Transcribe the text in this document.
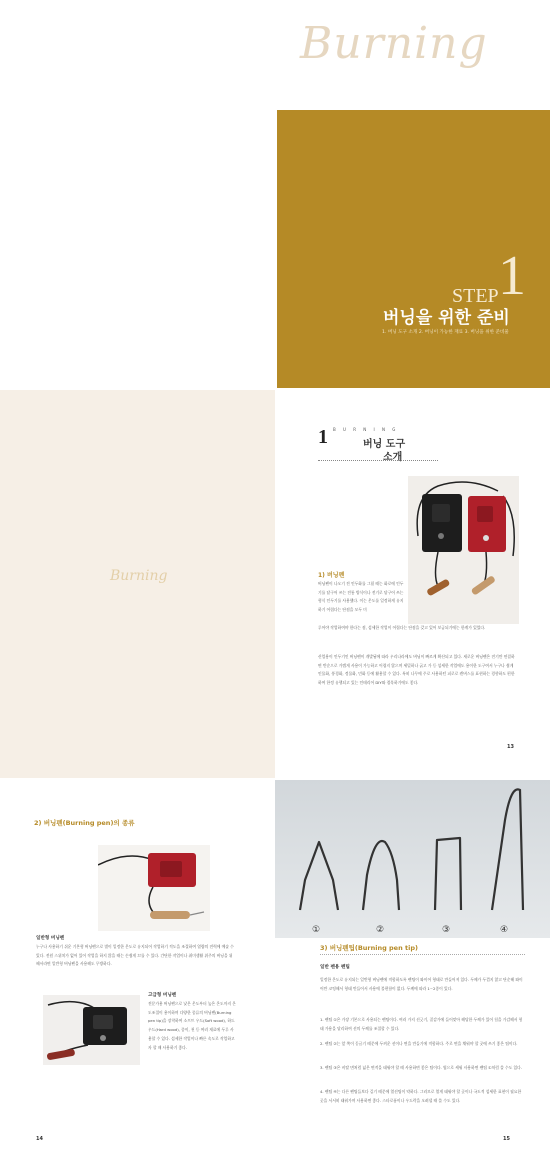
Burning
STEP 1
버닝을 위한 준비
1. 버닝 도구 소개 2. 버닝이 가능한 재료 3. 버닝을 위한 준비물
Burning
1 B U R N I N G
버닝 도구
소개
1) 버닝펜
버닝펜이 나오기 전 인두화를 그릴 때는 화로에 인두기를 달구어 쓰는 전통 방식이나 전기로 달구어 쓰는 형식 인두기를 사용했다. 이는 온도를 일정하게 유지하기 어렵다는 단점을 모두 미
루어야 작업하여야 한다는 점, 섬세한 작업이 어렵다는 단점을 갖고 있어 보급되기에는 한계가 있었다.
산업용이 인두기인 버닝펜이 개발됨에 따라 우리나라에도 버닝이 빠르게 확산되고 있다. 새로운 버닝펜은 전기만 연결하면 반순으로 가볍게 사용이 가능하고 어렵지 않으며 세밀하나 굵고 가 등 섬세한 작업에도 용이한 도구여서 누구나 쉽게 인물화, 풍경화, 정물화, 민화 등에 활용할 수 있다. 특히 나무에 주로 사용하던 피로로 캔버스를 표현하는 경향하도 편한하여 한정 유행되고 있는 인테리어 DIY와 접목하기에도 좋다.
13
2) 버닝펜(Burning pen)의 종류
일반형 버닝펜
누구나 사용하기 쉬운 기본형 버닝펜으로 별이 일정한 온도로 유지되어 작업하기 적도을 조절하여 열량의 전력에 예술 수 있다. 전원 스위치가 없어 있어 작업을 하지 않을 때는 손쉽게 끄를 수 있다. 간단한 작업이나 취미생활 위주의 버닝을 위해서라면 일반형 버닝펜을 사용해도 무방하다.
고급형 버닝펜
전문가용 버닝펜으로 낮은 온도부터 높은 온도까지 온도조절이 용이하며 다양한 종류의 버닝펜(Burning pen tip)을 장착하여 소프트 우드(Soft wood), 하드 우드(Hard wood), 종이, 천 등 여러 재료에 두루 사용할 수 있다. 섬세한 작업이나 빠른 속도로 작업하고자 할 때 사용하기 좋다.
14
①	②	③	④
3) 버닝펜팁(Burning pen tip)
일반 펜용 펜팁
일정한 온도로 유지되는 일반형 버닝펜에 적합하도록 펜팁이 와이어 형태로 만들어져 있다. 두께가 두껍지 않고 단순해 와이어만 코팅해서 형태 만들어서 사용에 불편함이 없다. 두께에 따라 1~2종이 있다.
1. 펜팁 ①은 가장 기본으로 사용되는 펜팁이다. 여러 가지 선긋기, 질감가에 들어맞아 해당한 두께가 있어 힘을 가감해서 형태 가용을 달리하여 선의 두께를 조절할 수 있다.
2. 펜팁 ②는 앞 쪽이 둥글기 때문에 두꺼운 선이나 면을 만들기에 적합하다. 주로 면을 채워야 할 곳에 쓰기 좋은 팁이다.
3. 펜팁 ③은 비탈 면처럼 넓은 면적을 태워야 할 때 사용하면 좋은 팁이다. 옆으로 세워 사용하면 펜팁 ①처럼 쓸 수도 있다.
4. 펜팁 ④는 다른 펜팁들보다 길기 때문에 열선팁이 약하다. 그러므로 열게 태워야 할 곳이나 국도적 섬세한 표현이 필요한 곳을 서서히 태워가며 사용하면 좋다. 스타로폼이나 우드락을 오려낼 때 쓸 수도 있다.
15
